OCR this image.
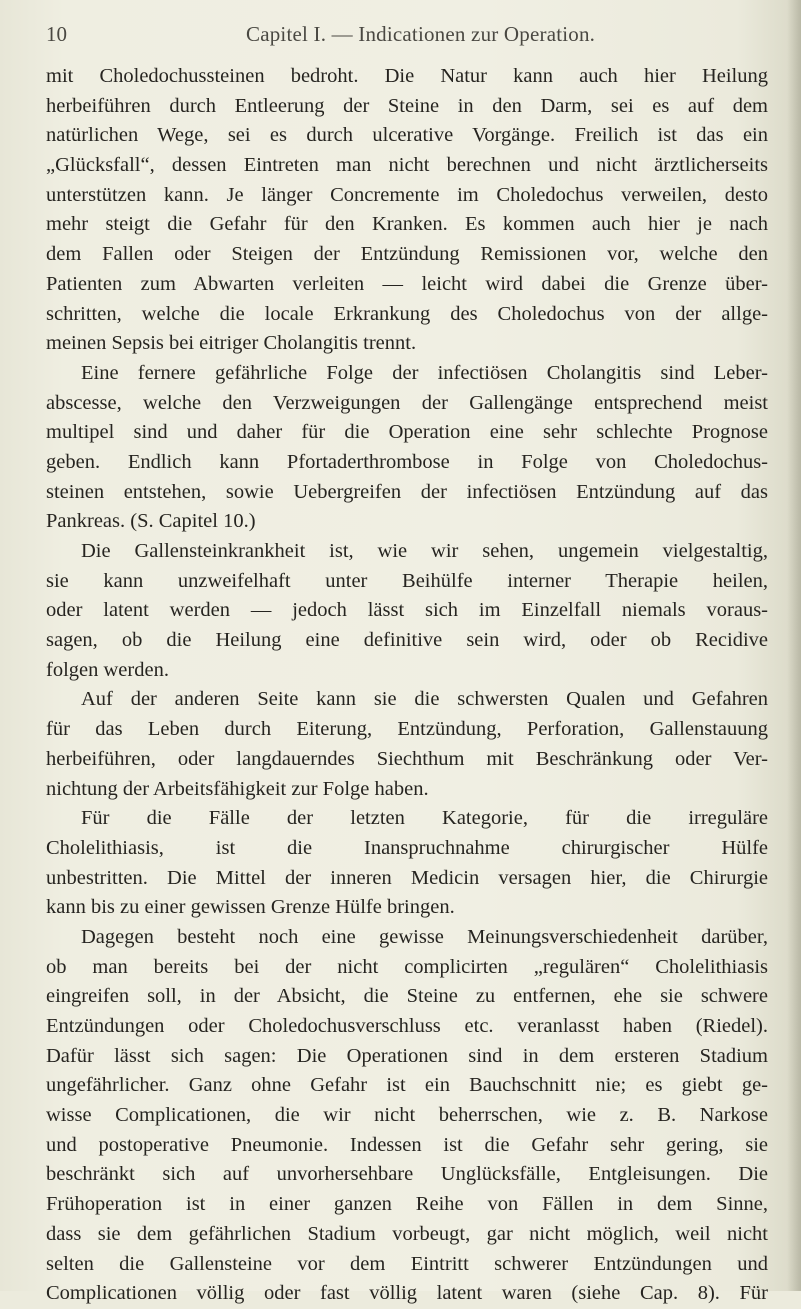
10	Capitel I. — Indicationen zur Operation.
mit Choledochussteinen bedroht. Die Natur kann auch hier Heilung
herbeiführen durch Entleerung der Steine in den Darm, sei es auf dem
natürlichen Wege, sei es durch ulcerative Vorgänge. Freilich ist das ein
„Glücksfall“, dessen Eintreten man nicht berechnen und nicht ärztlicherseits
unterstützen kann. Je länger Concremente im Choledochus verweilen, desto
mehr steigt die Gefahr für den Kranken. Es kommen auch hier je nach
dem Fallen oder Steigen der Entzündung Remissionen vor, welche den
Patienten zum Abwarten verleiten — leicht wird dabei die Grenze über-
schritten, welche die locale Erkrankung des Choledochus von der allge-
meinen Sepsis bei eitriger Cholangitis trennt.
Eine fernere gefährliche Folge der infectiösen Cholangitis sind Leber-
abscesse, welche den Verzweigungen der Gallengänge entsprechend meist
multipel sind und daher für die Operation eine sehr schlechte Prognose
geben. Endlich kann Pfortaderthrombose in Folge von Choledochus-
steinen entstehen, sowie Uebergreifen der infectiösen Entzündung auf das
Pankreas. (S. Capitel 10.)
Die Gallensteinkrankheit ist, wie wir sehen, ungemein vielgestaltig,
sie kann unzweifelhaft unter Beihülfe interner Therapie heilen,
oder latent werden — jedoch lässt sich im Einzelfall niemals voraus-
sagen, ob die Heilung eine definitive sein wird, oder ob Recidive
folgen werden.
Auf der anderen Seite kann sie die schwersten Qualen und Gefahren
für das Leben durch Eiterung, Entzündung, Perforation, Gallenstauung
herbeiführen, oder langdauerndes Siechthum mit Beschränkung oder Ver-
nichtung der Arbeitsfähigkeit zur Folge haben.
Für die Fälle der letzten Kategorie, für die irreguläre
Cholelithiasis, ist die Inanspruchnahme chirurgischer Hülfe
unbestritten. Die Mittel der inneren Medicin versagen hier, die Chirurgie
kann bis zu einer gewissen Grenze Hülfe bringen.
Dagegen besteht noch eine gewisse Meinungsverschiedenheit darüber,
ob man bereits bei der nicht complicirten „regulären“ Cholelithiasis
eingreifen soll, in der Absicht, die Steine zu entfernen, ehe sie schwere
Entzündungen oder Choledochusverschluss etc. veranlasst haben (Riedel).
Dafür lässt sich sagen: Die Operationen sind in dem ersteren Stadium
ungefährlicher. Ganz ohne Gefahr ist ein Bauchschnitt nie; es giebt ge-
wisse Complicationen, die wir nicht beherrschen, wie z. B. Narkose
und postoperative Pneumonie. Indessen ist die Gefahr sehr gering, sie
beschränkt sich auf unvorhersehbare Unglücksfälle, Entgleisungen. Die
Frühoperation ist in einer ganzen Reihe von Fällen in dem Sinne,
dass sie dem gefährlichen Stadium vorbeugt, gar nicht möglich, weil nicht
selten die Gallensteine vor dem Eintritt schwerer Entzündungen und
Complicationen völlig oder fast völlig latent waren (siehe Cap. 8). Für
